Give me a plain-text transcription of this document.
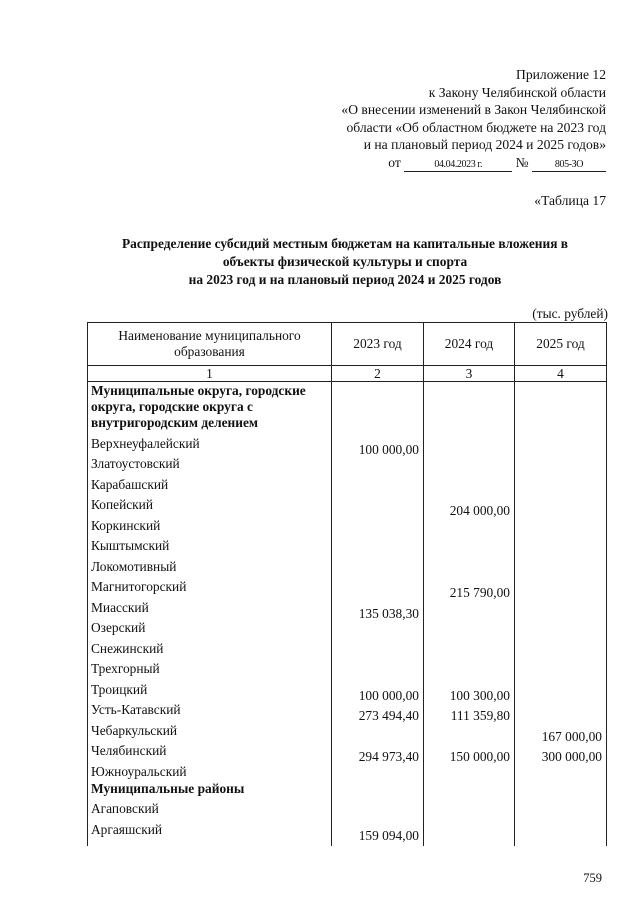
Приложение 12
к Закону Челябинской области
«О внесении изменений в Закон Челябинской
области «Об областном бюджете на 2023 год
и на плановый период 2024 и 2025 годов»
от	04.04.2023 г. №	805-ЗО
«Таблица 17
Распределение субсидий местным бюджетам на капитальные вложения в
объекты физической культуры и спорта
на 2023 год и на плановый период 2024 и 2025 годов
(тыс. рублей)
Наименование муниципального образования	2023 год	2024 год	2025 год
1	2	3	4
Муниципальные округа, городские округа, городские округа с внутригородским делением			
Верхнеуфалейский	100 000,00		
Златоустовский			
Карабашский			
Копейский		204 000,00	
Коркинский			
Кыштымский			
Локомотивный			
Магнитогорский		215 790,00	
Миасский	135 038,30		
Озерский			
Снежинский			
Трехгорный			
Троицкий	100 000,00	100 300,00	
Усть-Катавский	273 494,40	111 359,80	
Чебаркульский			167 000,00
Челябинский	294 973,40	150 000,00	300 000,00
Южноуральский			
Муниципальные районы			
Агаповский			
Аргаяшский	159 094,00		

759
